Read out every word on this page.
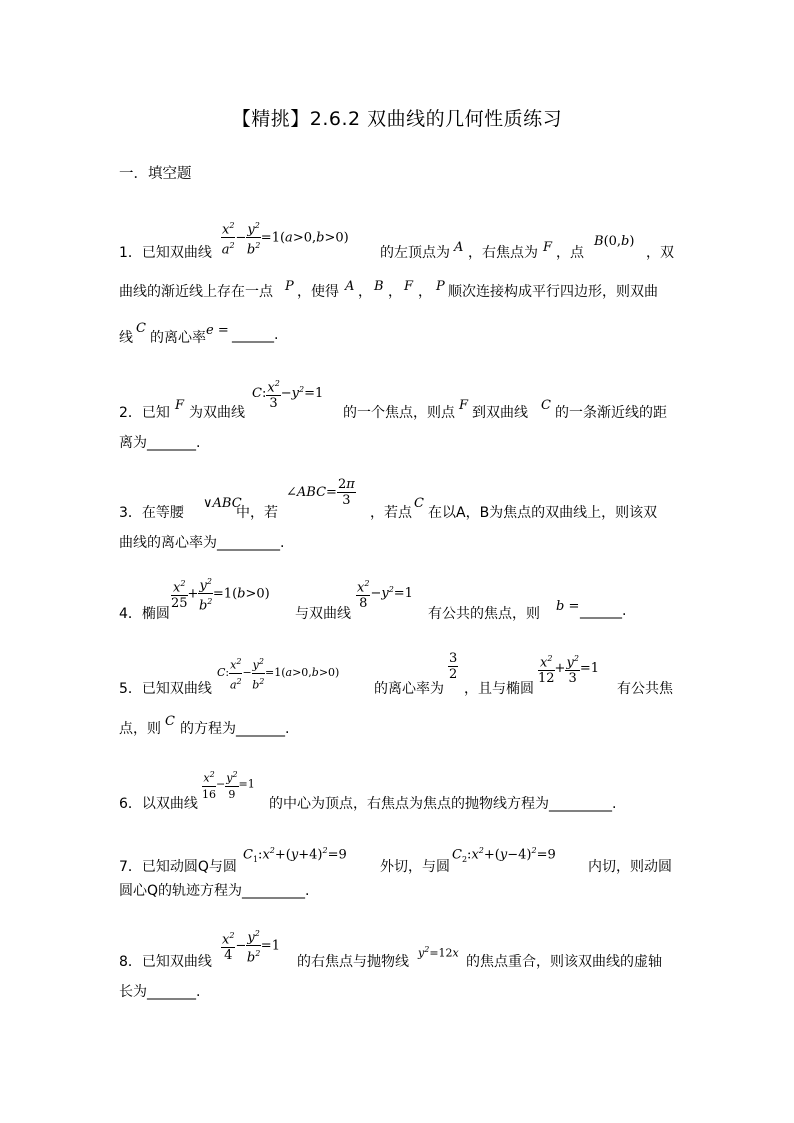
【精挑】2.6.2 双曲线的几何性质练习
一．填空题
1．已知双曲线 $\frac{x^2}{a^2} - \frac{y^2}{b^2} =1(a>0,b>0)$
的左顶点为 A ，右焦点为 F ，点
B(0,b)
，双
曲线的渐近线上存在一点 P ，使得 A ， B ， F ， P 顺次连接构成平行四边形，则双曲
线
C
的离心率 e = ______.
2．已知 F 为双曲线
C: $\frac{x^2}{3} -y^2=1$
的一个焦点，则点 F 到双曲线 C 的一条渐近线的距
离为_______.
3．在等腰
∨ABC
中，若
∠ABC= $\frac{2\pi}{3}$
，若点
C
在以A，B为焦点的双曲线上，则该双
曲线的离心率为_________.
4．椭圆
$\frac{x^2}{25} + \frac{y^2}{b^2} =1(b>0)$
与双曲线
$\frac{x^2}{8} -y^2=1$
有公共的焦点，则 b = ______.
5．已知双曲线
C: $\frac{x^2}{a^2} - \frac{y^2}{b^2} =1(a>0,b>0)$
的离心率为
$\frac{3}{2}$
，且与椭圆
$\frac{x^2}{12} + \frac{y^2}{3} =1$
有公共焦
点，则 C 的方程为_______.
6．以双曲线
$\frac{x^2}{16} - \frac{y^2}{9} =1$
的中心为顶点，右焦点为焦点的抛物线方程为_________.
7．已知动圆Q与圆
$C_1:x^2+(y+4)^2=9$
外切，与圆
$C_2:x^2+(y-4)^2=9$
内切，则动圆
圆心Q的轨迹方程为_________.
8．已知双曲线 $\frac{x^2}{4} - \frac{y^2}{b^2} =1$
的右焦点与抛物线
$y^2=12x$
的焦点重合，则该双曲线的虚轴
长为_______.
